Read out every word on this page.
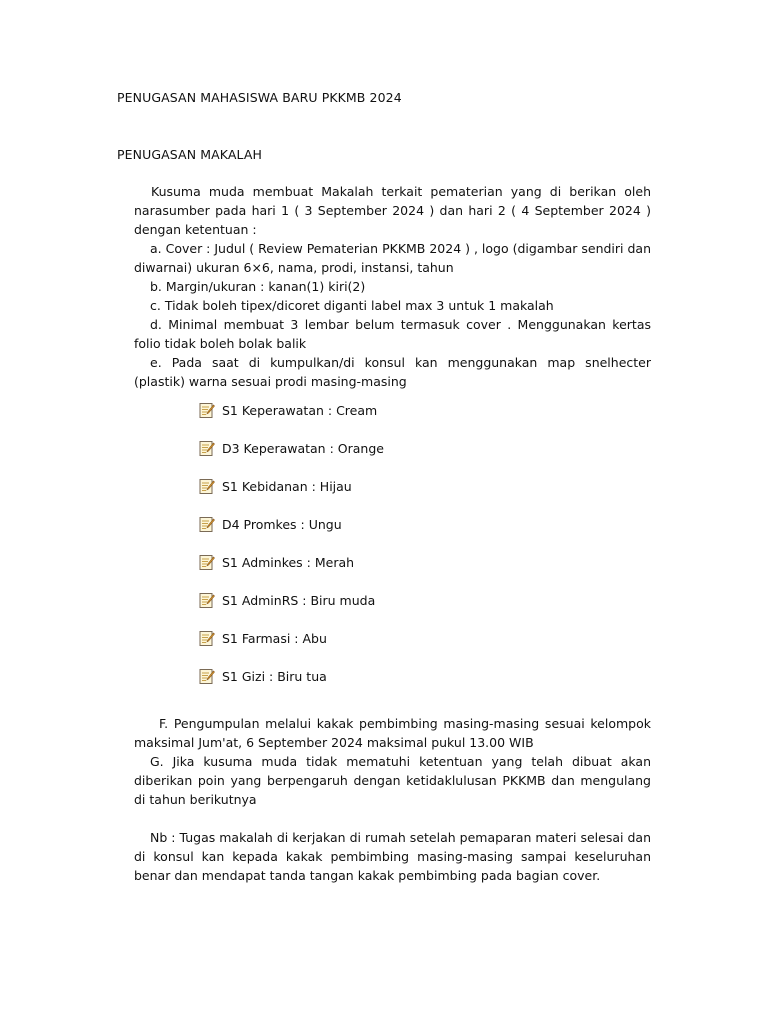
PENUGASAN MAHASISWA BARU PKKMB 2024
PENUGASAN MAKALAH

Kusuma muda membuat Makalah terkait pematerian yang di berikan oleh narasumber pada hari 1 ( 3 September 2024 ) dan hari 2 ( 4 September 2024 ) dengan ketentuan :

a. Cover : Judul ( Review Pematerian PKKMB 2024 ) , logo (digambar sendiri dan diwarnai) ukuran 6×6, nama, prodi, instansi, tahun

b. Margin/ukuran : kanan(1) kiri(2)

c. Tidak boleh tipex/dicoret diganti label max 3 untuk 1 makalah

d. Minimal membuat 3 lembar belum termasuk cover . Menggunakan kertas folio tidak boleh bolak balik

e. Pada saat di kumpulkan/di konsul kan menggunakan map snelhecter (plastik) warna sesuai prodi masing-masing

S1 Keperawatan : Cream
D3 Keperawatan : Orange
S1 Kebidanan : Hijau
D4 Promkes : Ungu
S1 Adminkes : Merah
S1 AdminRS : Biru muda
S1 Farmasi : Abu
S1 Gizi : Biru tua

F. Pengumpulan melalui kakak pembimbing masing-masing sesuai kelompok maksimal Jum'at, 6 September 2024 maksimal pukul 13.00 WIB

G. Jika kusuma muda tidak mematuhi ketentuan yang telah dibuat akan diberikan poin yang berpengaruh dengan ketidaklulusan PKKMB dan mengulang di tahun berikutnya

Nb : Tugas makalah di kerjakan di rumah setelah pemaparan materi selesai dan di konsul kan kepada kakak pembimbing masing-masing sampai keseluruhan benar dan mendapat tanda tangan kakak pembimbing pada bagian cover.
